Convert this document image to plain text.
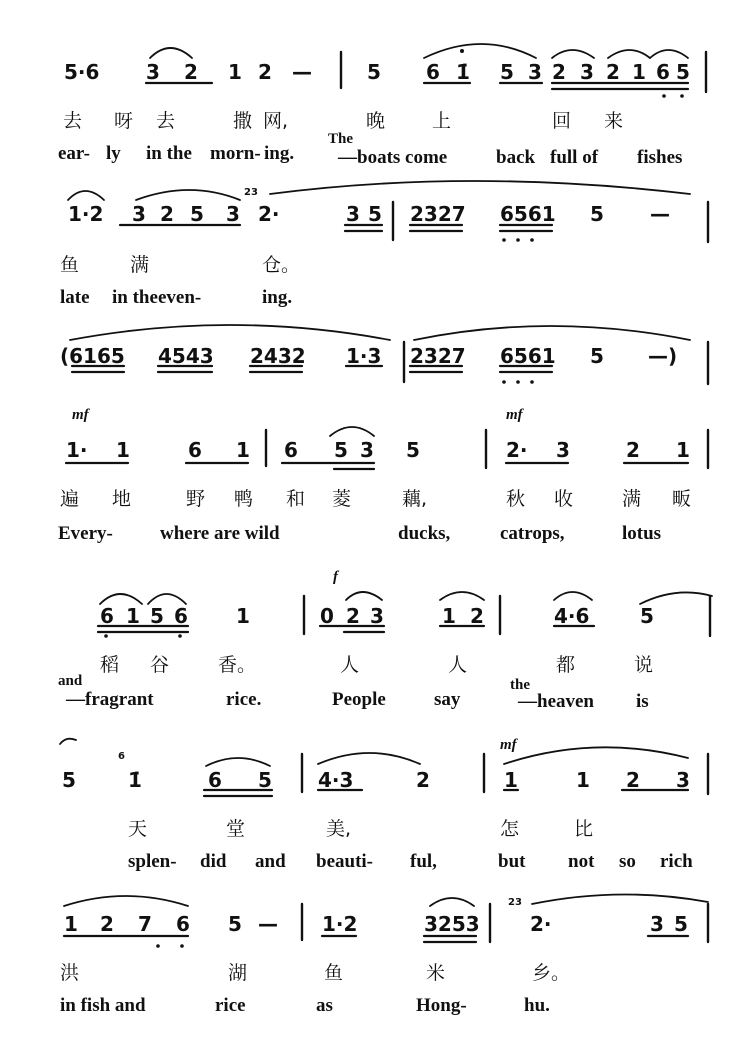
5·6 3 2 1 2 —	5 6 1̇ 5 3 2 3 2 1 6 5
去 呀 去	撒 网,	晚 上	回 来
ear- ly in the morn- ing.
The
—boats come	back full of fishes
1·2 3 2 5 3
23
2·	3 5 2327 6561 5 —
鱼	满	仓。
late in the even-	ing.
(6165 4543 2432 1·3 2327 6561 5 —)
mf	mf
1· 1	6 1 6 5 3 5	2· 3	2 1
遍 地	野 鸭 和 菱	藕,	秋 收	满 畈
Every- where are wild	ducks,	catrops,	lotus
f
6 1 5 6 1	0 2 3	1 2	4·6	5
稻 谷	香。	人	人	都	说
and
—fragrant	rice.	People	say
the
—heaven is
mf
6
5	1̇	6 5 4·3	2	1	1 2 3
天	堂	美,	怎	比
splen- did and beauti- ful,	but not so rich
23
1 2 7 6 5 — 1·2	3253	2·	3 5
洪	湖	鱼	米	乡。
in fish and	rice	as	Hong-	hu.
